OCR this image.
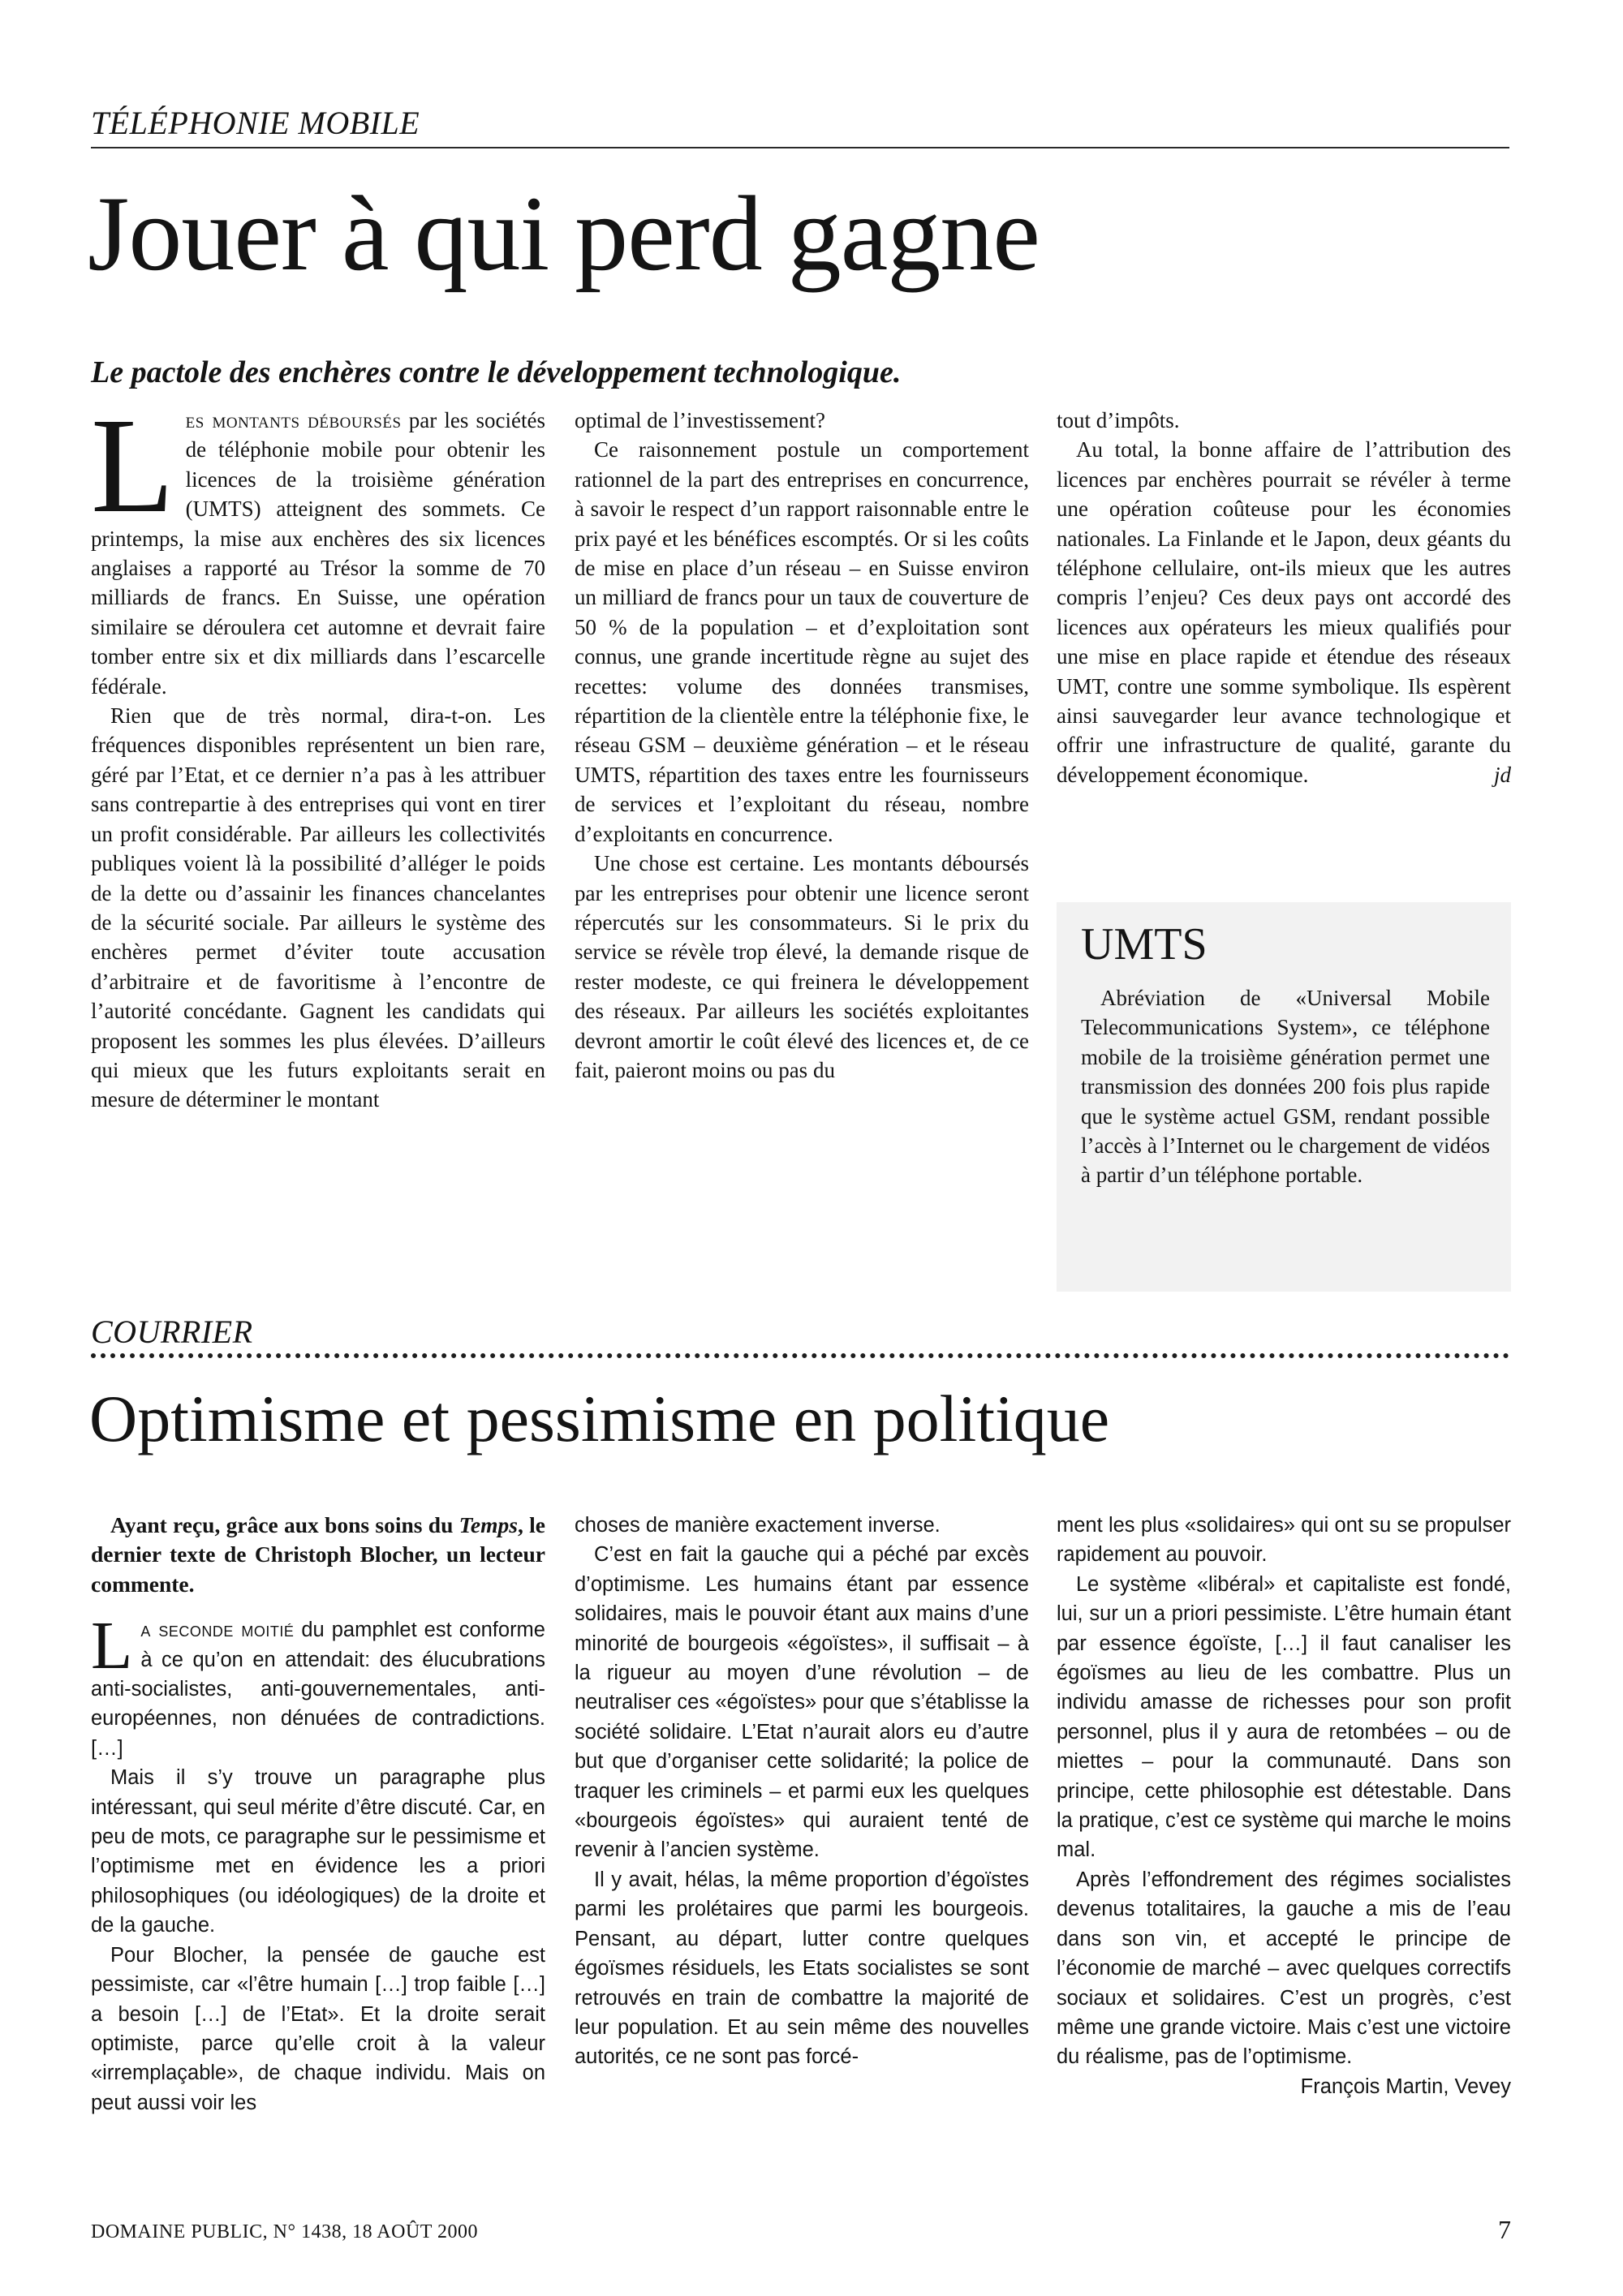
TÉLÉPHONIE MOBILE
Jouer à qui perd gagne
Le pactole des enchères contre le développement technologique.

Les montants déboursés par les sociétés de téléphonie mobile pour obtenir les licences de la troisième génération (UMTS) atteignent des sommets. Ce printemps, la mise aux enchères des six licences anglaises a rapporté au Trésor la somme de 70 milliards de francs. En Suisse, une opération similaire se déroulera cet automne et devrait faire tomber entre six et dix milliards dans l’escarcelle fédérale.

Rien que de très normal, dira-t-on. Les fréquences disponibles représentent un bien rare, géré par l’Etat, et ce dernier n’a pas à les attribuer sans contrepartie à des entreprises qui vont en tirer un profit considérable. Par ailleurs les collectivités publiques voient là la possibilité d’alléger le poids de la dette ou d’assainir les finances chancelantes de la sécurité sociale. Par ailleurs le système des enchères permet d’éviter toute accusation d’arbitraire et de favoritisme à l’encontre de l’autorité concédante. Gagnent les candidats qui proposent les sommes les plus élevées. D’ailleurs qui mieux que les futurs exploitants serait en mesure de déterminer le montant

optimal de l’investissement?

Ce raisonnement postule un comportement rationnel de la part des entreprises en concurrence, à savoir le respect d’un rapport raisonnable entre le prix payé et les bénéfices escomptés. Or si les coûts de mise en place d’un réseau – en Suisse environ un milliard de francs pour un taux de couverture de 50 % de la population – et d’exploitation sont connus, une grande incertitude règne au sujet des recettes: volume des données transmises, répartition de la clientèle entre la téléphonie fixe, le réseau GSM – deuxième génération – et le réseau UMTS, répartition des taxes entre les fournisseurs de services et l’exploitant du réseau, nombre d’exploitants en concurrence.

Une chose est certaine. Les montants déboursés par les entreprises pour obtenir une licence seront répercutés sur les consommateurs. Si le prix du service se révèle trop élevé, la demande risque de rester modeste, ce qui freinera le développement des réseaux. Par ailleurs les sociétés exploitantes devront amortir le coût élevé des licences et, de ce fait, paieront moins ou pas du

tout d’impôts.

Au total, la bonne affaire de l’attribution des licences par enchères pourrait se révéler à terme une opération coûteuse pour les économies nationales. La Finlande et le Japon, deux géants du téléphone cellulaire, ont-ils mieux que les autres compris l’enjeu? Ces deux pays ont accordé des licences aux opérateurs les mieux qualifiés pour une mise en place rapide et étendue des réseaux UMT, contre une somme symbolique. Ils espèrent ainsi sauvegarder leur avance technologique et offrir une infrastructure de qualité, garante du développement économique.	jd

UMTS

Abréviation de «Universal Mobile Telecommunications System», ce téléphone mobile de la troisième génération permet une transmission des données 200 fois plus rapide que le système actuel GSM, rendant possible l’accès à l’Internet ou le chargement de vidéos à partir d’un téléphone portable.

COURRIER
Optimisme et pessimisme en politique
Ayant reçu, grâce aux bons soins du Temps, le dernier texte de Christoph Blocher, un lecteur commente.

La seconde moitié du pamphlet est conforme à ce qu’on en attendait: des élucubrations anti-socialistes, anti-gouvernementales, anti-européennes, non dénuées de contradictions. […]

Mais il s’y trouve un paragraphe plus intéressant, qui seul mérite d’être discuté. Car, en peu de mots, ce paragraphe sur le pessimisme et l’optimisme met en évidence les a priori philosophiques (ou idéologiques) de la droite et de la gauche.

Pour Blocher, la pensée de gauche est pessimiste, car «l’être humain […] trop faible […] a besoin […] de l’Etat». Et la droite serait optimiste, parce qu’elle croit à la valeur «irremplaçable», de chaque individu. Mais on peut aussi voir les

choses de manière exactement inverse.

C’est en fait la gauche qui a péché par excès d’optimisme. Les humains étant par essence solidaires, mais le pouvoir étant aux mains d’une minorité de bourgeois «égoïstes», il suffisait – à la rigueur au moyen d’une révolution – de neutraliser ces «égoïstes» pour que s’établisse la société solidaire. L’Etat n’aurait alors eu d’autre but que d’organiser cette solidarité; la police de traquer les criminels – et parmi eux les quelques «bourgeois égoïstes» qui auraient tenté de revenir à l’ancien système.

Il y avait, hélas, la même proportion d’égoïstes parmi les prolétaires que parmi les bourgeois. Pensant, au départ, lutter contre quelques égoïsmes résiduels, les Etats socialistes se sont retrouvés en train de combattre la majorité de leur population. Et au sein même des nouvelles autorités, ce ne sont pas forcé-

ment les plus «solidaires» qui ont su se propulser rapidement au pouvoir.

Le système «libéral» et capitaliste est fondé, lui, sur un a priori pessimiste. L’être humain étant par essence égoïste, […] il faut canaliser les égoïsmes au lieu de les combattre. Plus un individu amasse de richesses pour son profit personnel, plus il y aura de retombées – ou de miettes – pour la communauté. Dans son principe, cette philosophie est détestable. Dans la pratique, c’est ce système qui marche le moins mal.

Après l’effondrement des régimes socialistes devenus totalitaires, la gauche a mis de l’eau dans son vin, et accepté le principe de l’économie de marché – avec quelques correctifs sociaux et solidaires. C’est un progrès, c’est même une grande victoire. Mais c’est une victoire du réalisme, pas de l’optimisme.

François Martin, Vevey
DOMAINE PUBLIC, N° 1438, 18 AOÛT 2000	7
